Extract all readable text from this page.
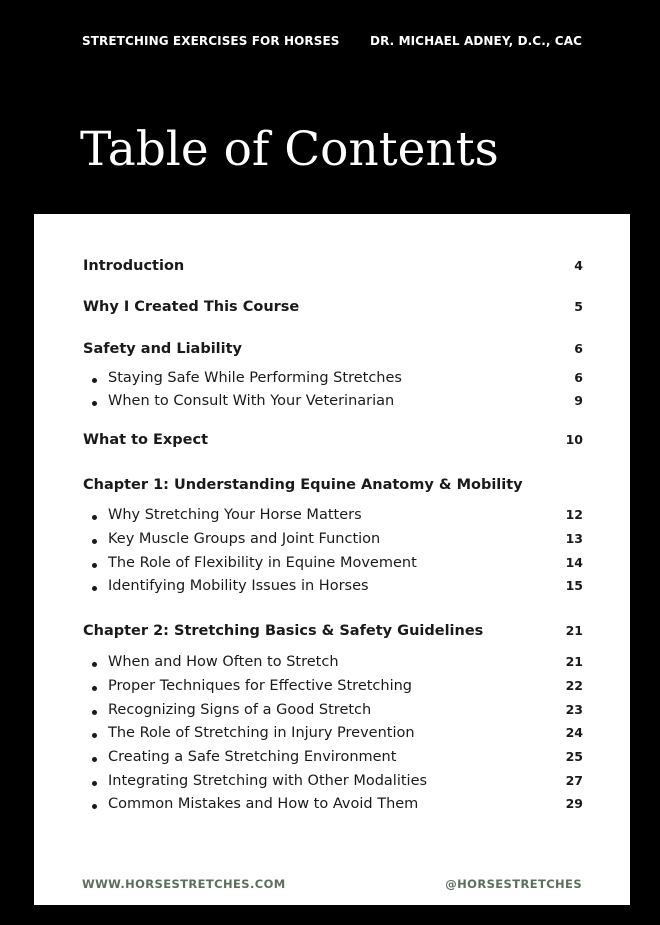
STRETCHING EXERCISES FOR HORSES	DR. MICHAEL ADNEY, D.C., CAC
Table of Contents
Introduction	4
Why I Created This Course	5
Safety and Liability	6
Staying Safe While Performing Stretches	6
When to Consult With Your Veterinarian	9
What to Expect	10
Chapter 1: Understanding Equine Anatomy & Mobility
Why Stretching Your Horse Matters	12
Key Muscle Groups and Joint Function	13
The Role of Flexibility in Equine Movement	14
Identifying Mobility Issues in Horses	15
Chapter 2: Stretching Basics & Safety Guidelines	21
When and How Often to Stretch	21
Proper Techniques for Effective Stretching	22
Recognizing Signs of a Good Stretch	23
The Role of Stretching in Injury Prevention	24
Creating a Safe Stretching Environment	25
Integrating Stretching with Other Modalities	27
Common Mistakes and How to Avoid Them	29
WWW.HORSESTRETCHES.COM	@HORSESTRETCHES
